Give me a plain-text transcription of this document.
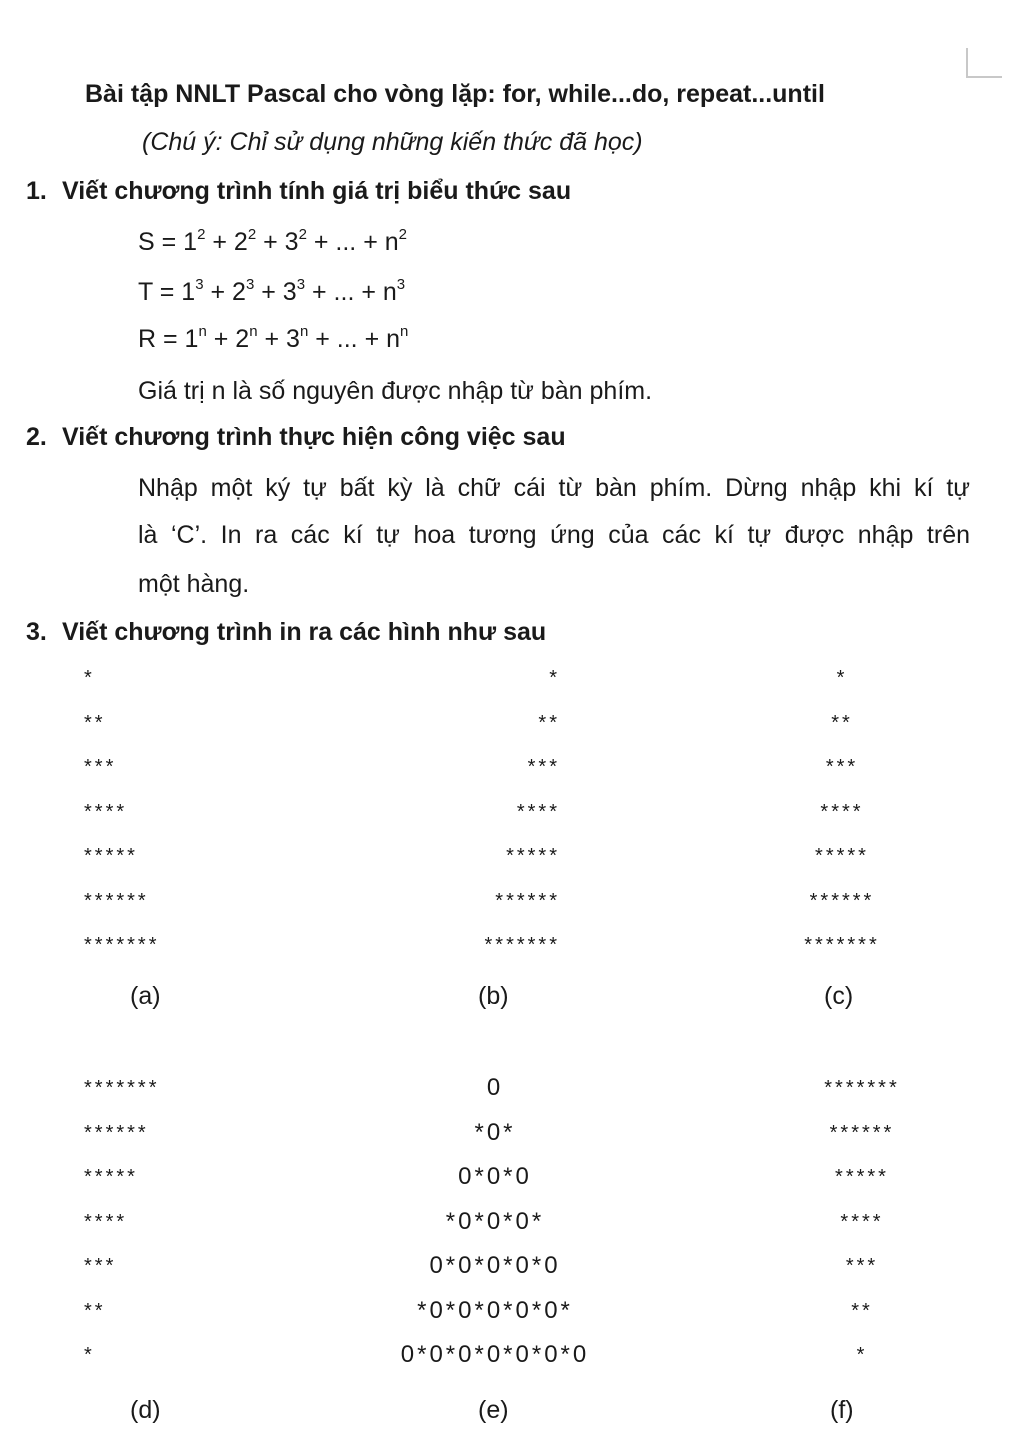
Bài tập NNLT Pascal cho vòng lặp: for, while...do, repeat...until
(Chú ý: Chỉ sử dụng những kiến thức đã học)
1. Viết chương trình tính giá trị biểu thức sau
$S = 1^2 + 2^2 + 3^2$ + ... + $n^2$
$T = 1^3 + 2^3 + 3^3$ + ... + $n^3$
$R = 1^n + 2^n + 3^n$ + ... + $n^n$
Giá trị n là số nguyên được nhập từ bàn phím.
2. Viết chương trình thực hiện công việc sau
Nhập một ký tự bất kỳ là chữ cái từ bàn phím. Dừng nhập khi kí tự
là ‘C’. In ra các kí tự hoa tương ứng của các kí tự được nhập trên
một hàng.
3. Viết chương trình in ra các hình như sau
*
**
***
****
*****
******
*******
(a)
*
**
***
****
*****
******
*******
(b)
*
**
***
****
*****
******
*******
(c)
*******
******
*****
****
***
**
*
(d)
0
*0*
0*0*0
*0*0*0*
0*0*0*0*0
*0*0*0*0*0*
0*0*0*0*0*0*0
(e)
*******
******
*****
****
***
**
*
(f)
